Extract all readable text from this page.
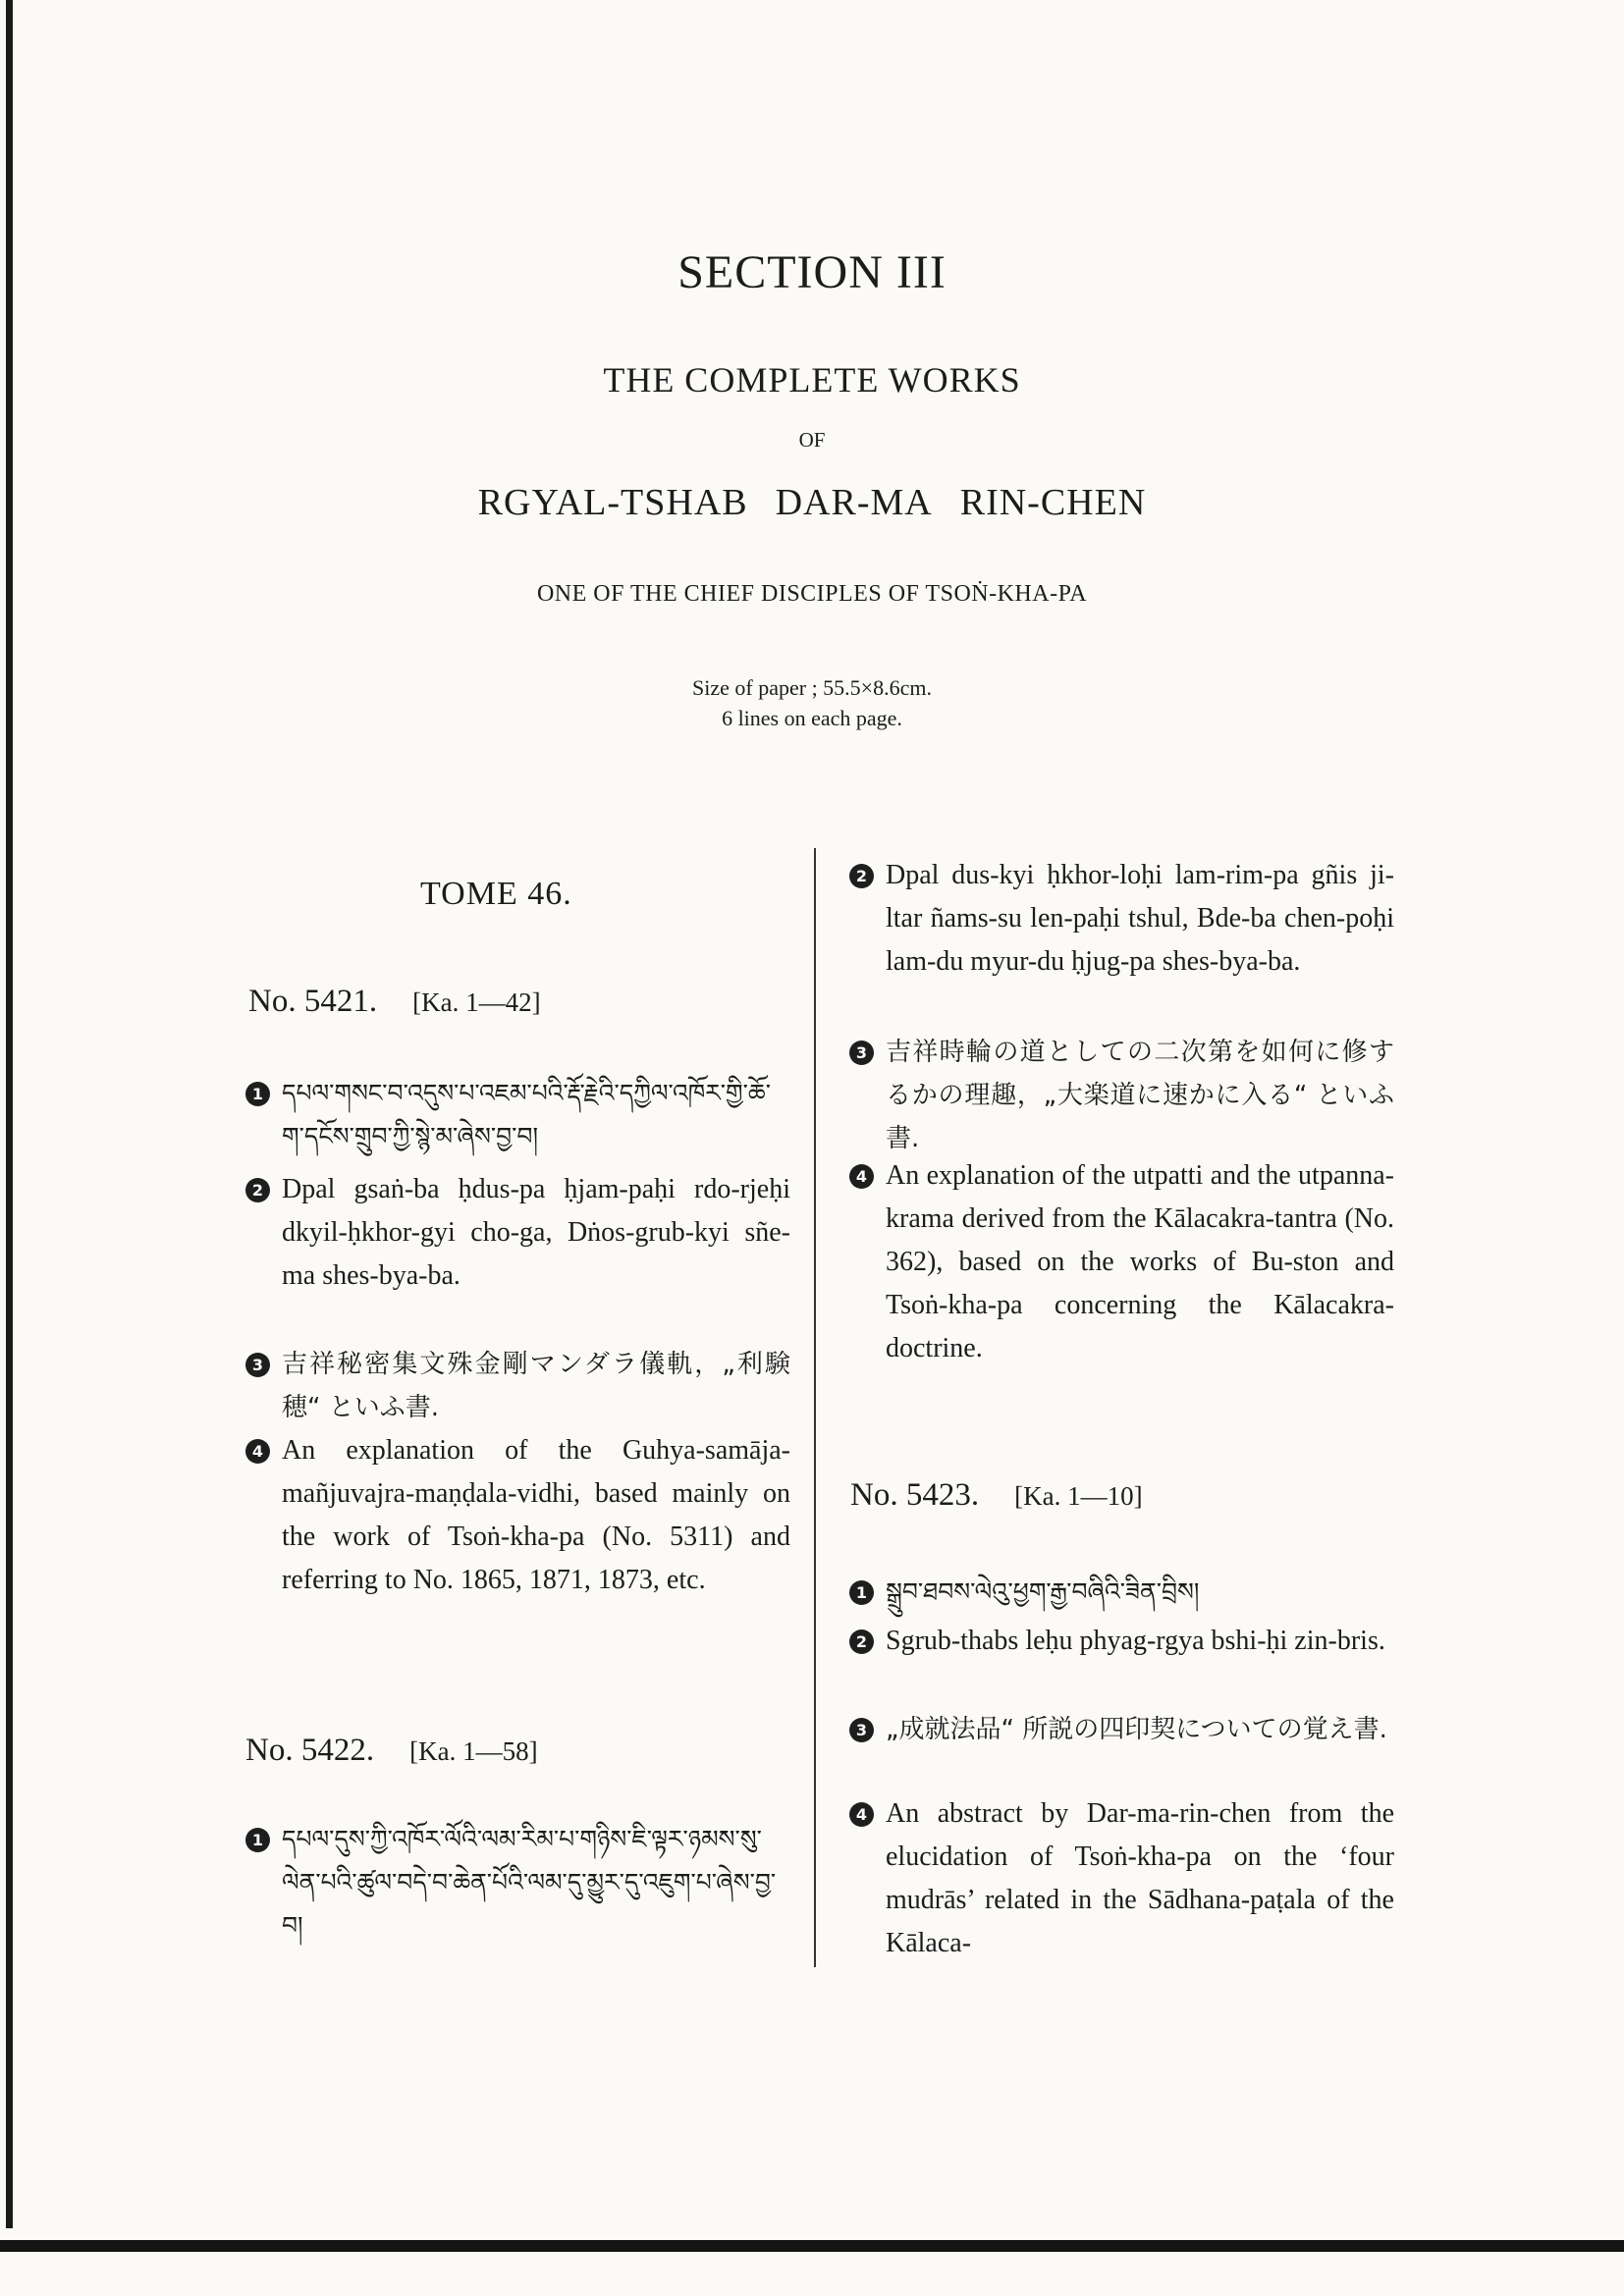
SECTION III
THE COMPLETE WORKS
OF
RGYAL-TSHAB DAR-MA RIN-CHEN
ONE OF THE CHIEF DISCIPLES OF TSOṄ-KHA-PA
Size of paper ; 55.5×8.6cm.
6 lines on each page.
TOME 46.
No. 5421. [Ka. 1—42]
1 དཔལ་གསང་བ་འདུས་པ་འཇམ་པའི་རྡོ་རྗེའི་དཀྱིལ་འཁོར་གྱི་ཆོ་ག་དངོས་གྲུབ་ཀྱི་སྙེ་མ་ཞེས་བྱ་བ།
2 Dpal gsaṅ-ba ḥdus-pa ḥjam-paḥi rdo-rjeḥi dkyil-ḥkhor-gyi cho-ga, Dṅos-grub-kyi sñe-ma shes-bya-ba.
3 吉祥秘密集文殊金剛マンダラ儀軌，„利験穂“ といふ書.
4 An explanation of the Guhya-samāja-mañjuvajra-maṇḍala-vidhi, based mainly on the work of Tsoṅ-kha-pa (No. 5311) and referring to No. 1865, 1871, 1873, etc.
No. 5422. [Ka. 1—58]
1 དཔལ་དུས་ཀྱི་འཁོར་ལོའི་ལམ་རིམ་པ་གཉིས་ཇི་ལྟར་ཉམས་སུ་ལེན་པའི་ཚུལ་བདེ་བ་ཆེན་པོའི་ལམ་དུ་མྱུར་དུ་འཇུག་པ་ཞེས་བྱ་བ།
2 Dpal dus-kyi ḥkhor-loḥi lam-rim-pa gñis ji-ltar ñams-su len-paḥi tshul, Bde-ba chen-poḥi lam-du myur-du ḥjug-pa shes-bya-ba.
3 吉祥時輪の道としての二次第を如何に修するかの理趣，„大楽道に速かに入る“ といふ書.
4 An explanation of the utpatti and the utpanna-krama derived from the Kālacakra-tantra (No. 362), based on the works of Bu-ston and Tsoṅ-kha-pa concerning the Kālacakra-doctrine.
No. 5423. [Ka. 1—10]
1 སྒྲུབ་ཐབས་ལེའུ་ཕྱག་རྒྱ་བཞིའི་ཟིན་བྲིས།
2 Sgrub-thabs leḥu phyag-rgya bshi-ḥi zin-bris.
3 „成就法品“ 所説の四印契についての覚え書.
4 An abstract by Dar-ma-rin-chen from the elucidation of Tsoṅ-kha-pa on the ‘four mudrās’ related in the Sādhana-paṭala of the Kālaca-
